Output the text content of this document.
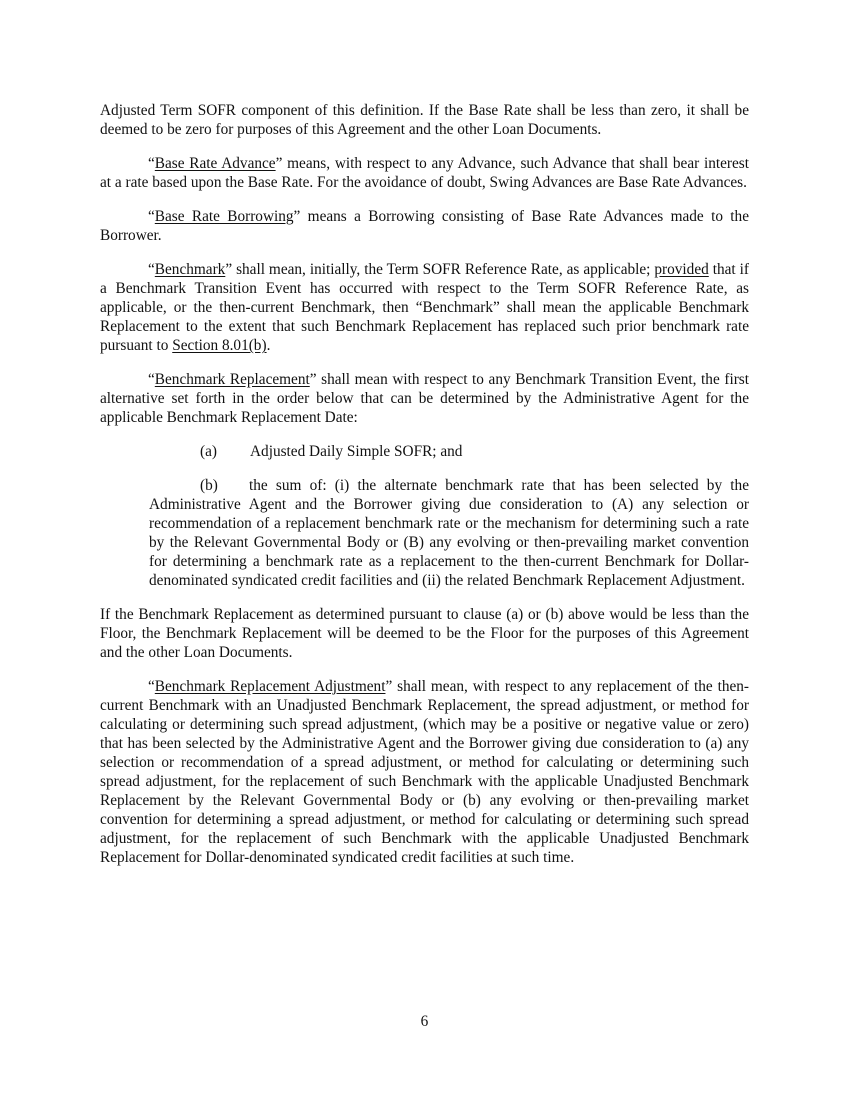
Adjusted Term SOFR component of this definition. If the Base Rate shall be less than zero, it shall be deemed to be zero for purposes of this Agreement and the other Loan Documents.

“Base Rate Advance” means, with respect to any Advance, such Advance that shall bear interest at a rate based upon the Base Rate. For the avoidance of doubt, Swing Advances are Base Rate Advances.

“Base Rate Borrowing” means a Borrowing consisting of Base Rate Advances made to the Borrower.

“Benchmark” shall mean, initially, the Term SOFR Reference Rate, as applicable; provided that if a Benchmark Transition Event has occurred with respect to the Term SOFR Reference Rate, as applicable, or the then-current Benchmark, then “Benchmark” shall mean the applicable Benchmark Replacement to the extent that such Benchmark Replacement has replaced such prior benchmark rate pursuant to Section 8.01(b).

“Benchmark Replacement” shall mean with respect to any Benchmark Transition Event, the first alternative set forth in the order below that can be determined by the Administrative Agent for the applicable Benchmark Replacement Date:

(a) Adjusted Daily Simple SOFR; and

(b) the sum of: (i) the alternate benchmark rate that has been selected by the Administrative Agent and the Borrower giving due consideration to (A) any selection or recommendation of a replacement benchmark rate or the mechanism for determining such a rate by the Relevant Governmental Body or (B) any evolving or then-prevailing market convention for determining a benchmark rate as a replacement to the then-current Benchmark for Dollar-denominated syndicated credit facilities and (ii) the related Benchmark Replacement Adjustment.

If the Benchmark Replacement as determined pursuant to clause (a) or (b) above would be less than the Floor, the Benchmark Replacement will be deemed to be the Floor for the purposes of this Agreement and the other Loan Documents.

“Benchmark Replacement Adjustment” shall mean, with respect to any replacement of the then-current Benchmark with an Unadjusted Benchmark Replacement, the spread adjustment, or method for calculating or determining such spread adjustment, (which may be a positive or negative value or zero) that has been selected by the Administrative Agent and the Borrower giving due consideration to (a) any selection or recommendation of a spread adjustment, or method for calculating or determining such spread adjustment, for the replacement of such Benchmark with the applicable Unadjusted Benchmark Replacement by the Relevant Governmental Body or (b) any evolving or then-prevailing market convention for determining a spread adjustment, or method for calculating or determining such spread adjustment, for the replacement of such Benchmark with the applicable Unadjusted Benchmark Replacement for Dollar-denominated syndicated credit facilities at such time.

6
